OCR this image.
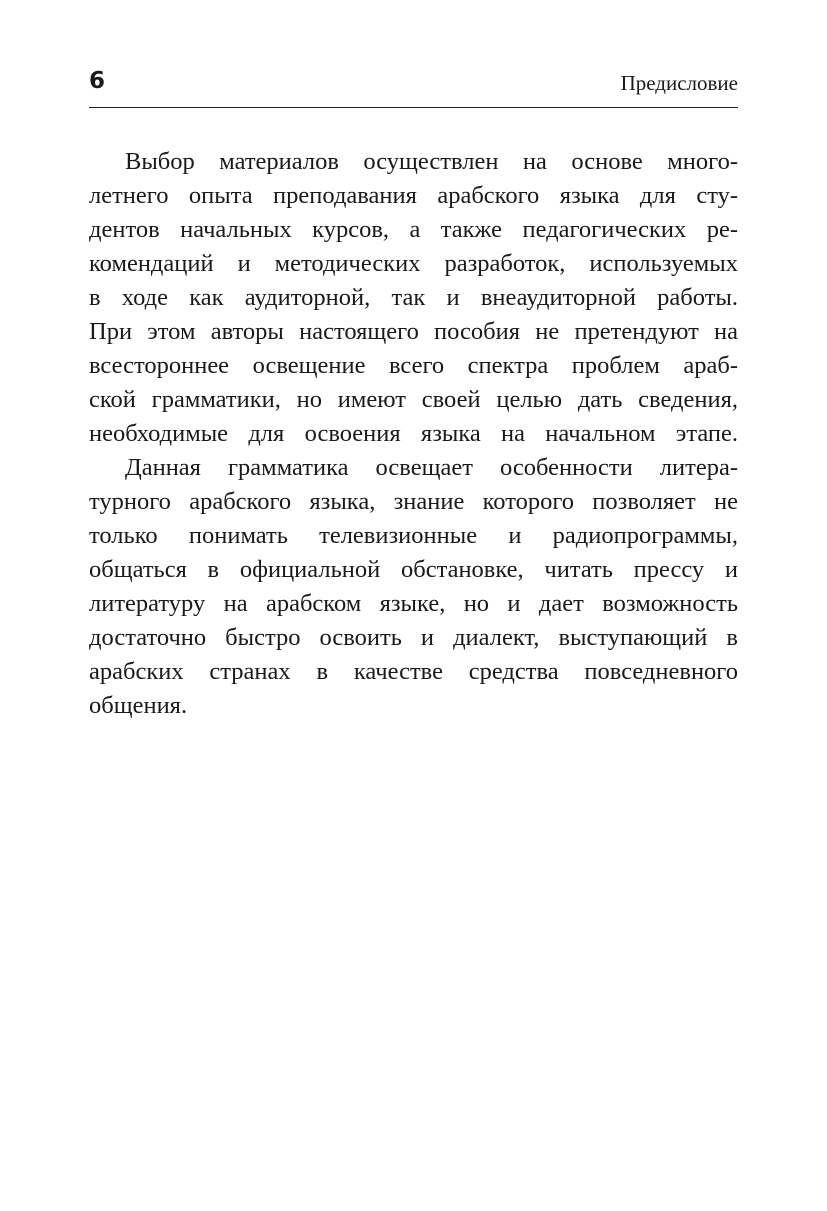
6	Предисловие
Выбор материалов осуществлен на основе много-
летнего опыта преподавания арабского языка для сту-
дентов начальных курсов, а также педагогических ре-
комендаций и методических разработок, используемых
в ходе как аудиторной, так и внеаудиторной работы.
При этом авторы настоящего пособия не претендуют на
всестороннее освещение всего спектра проблем араб-
ской грамматики, но имеют своей целью дать сведения,
необходимые для освоения языка на начальном этапе.
Данная грамматика освещает особенности литера-
турного арабского языка, знание которого позволяет не
только понимать телевизионные и радиопрограммы,
общаться в официальной обстановке, читать прессу и
литературу на арабском языке, но и дает возможность
достаточно быстро освоить и диалект, выступающий в
арабских странах в качестве средства повседневного
общения.
